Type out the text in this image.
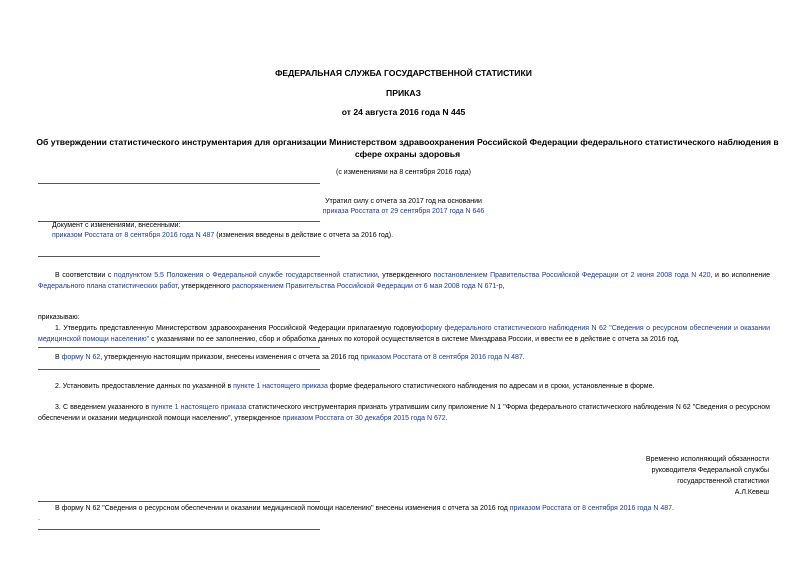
ФЕДЕРАЛЬНАЯ СЛУЖБА ГОСУДАРСТВЕННОЙ СТАТИСТИКИ
ПРИКАЗ
от 24 августа 2016 года N 445
Об утверждении статистического инструментария для организации Министерством здравоохранения Российской Федерации федерального статистического наблюдения в сфере охраны здоровья
(с изменениями на 8 сентября 2016 года)
Утратил силу с отчета за 2017 год на основании
приказа Росстата от 29 сентября 2017 года N 646
Документ с изменениями, внесенными:
приказом Росстата от 8 сентября 2016 года N 487 (изменения введены в действие с отчета за 2016 год).
В соответствии с подпунктом 5.5 Положения о Федеральной службе государственной статистики, утвержденного постановлением Правительства Российской Федерации от 2 июня 2008 года N 420, и во исполнение Федерального плана статистических работ, утвержденного распоряжением Правительства Российской Федерации от 6 мая 2008 года N 671-р,
приказываю:
1. Утвердить представленную Министерством здравоохранения Российской Федерации прилагаемую годовуюформу федерального статистического наблюдения N 62 "Сведения о ресурсном обеспечении и оказании медицинской помощи населению" с указаниями по ее заполнению, сбор и обработка данных по которой осуществляется в системе Минздрава России, и ввести ее в действие с отчета за 2016 год.
В форму N 62, утвержденную настоящим приказом, внесены изменения с отчета за 2016 год приказом Росстата от 8 сентября 2016 года N 487.
2. Установить предоставление данных по указанной в пункте 1 настоящего приказа форме федерального статистического наблюдения по адресам и в сроки, установленные в форме.
3. С введением указанного в пункте 1 настоящего приказа статистического инструментария признать утратившим силу приложение N 1 "Форма федерального статистического наблюдения N 62 "Сведения о ресурсном обеспечении и оказании медицинской помощи населению", утвержденное приказом Росстата от 30 декабря 2015 года N 672.
Временно исполняющий обязанности
руководителя Федеральной службы
государственной статистики
А.Л.Кевеш
В форму N 62 "Сведения о ресурсном обеспечении и оказании медицинской помощи населению" внесены изменения с отчета за 2016 год приказом Росстата от 8 сентября 2016 года N 487.
.
